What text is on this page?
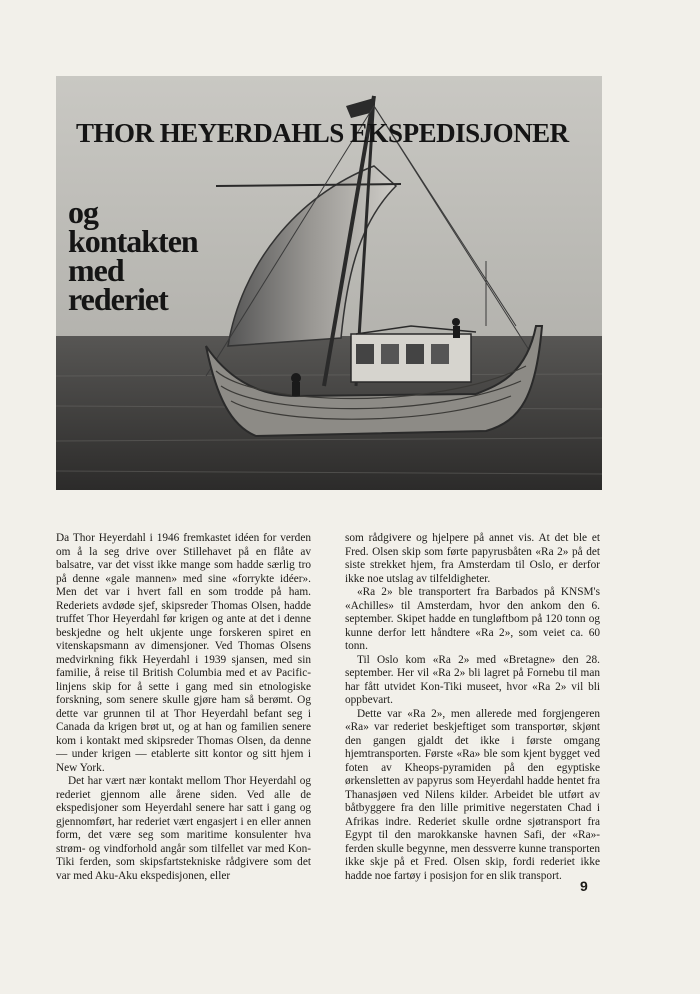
THOR HEYERDAHLS EKSPEDISJONER
og
kontakten
med
rederiet

Da Thor Heyerdahl i 1946 fremkastet idéen for verden om å la seg drive over Stillehavet på en flåte av balsatre, var det visst ikke mange som hadde særlig tro på denne «gale mannen» med sine «forrykte idéer». Men det var i hvert fall en som trodde på ham. Rederiets avdøde sjef, skipsreder Thomas Olsen, hadde truffet Thor Heyerdahl før krigen og ante at det i denne beskjedne og helt ukjente unge forskeren spiret en vitenskapsmann av dimensjoner. Ved Thomas Olsens medvirkning fikk Heyerdahl i 1939 sjansen, med sin familie, å reise til British Columbia med et av Pacific-linjens skip for å sette i gang med sin etnologiske forskning, som senere skulle gjøre ham så berømt. Og dette var grunnen til at Thor Heyerdahl befant seg i Canada da krigen brøt ut, og at han og familien senere kom i kontakt med skipsreder Thomas Olsen, da denne — under krigen — etablerte sitt kontor og sitt hjem i New York.

Det har vært nær kontakt mellom Thor Heyerdahl og rederiet gjennom alle årene siden. Ved alle de ekspedisjoner som Heyerdahl senere har satt i gang og gjennomført, har rederiet vært engasjert i en eller annen form, det være seg som maritime konsulenter hva strøm- og vindforhold angår som tilfellet var med Kon-Tiki ferden, som skipsfartstekniske rådgivere som det var med Aku-Aku ekspedisjonen, eller

som rådgivere og hjelpere på annet vis. At det ble et Fred. Olsen skip som førte papyrusbåten «Ra 2» på det siste strekket hjem, fra Amsterdam til Oslo, er derfor ikke noe utslag av tilfeldigheter.

«Ra 2» ble transportert fra Barbados på KNSM's «Achilles» til Amsterdam, hvor den ankom den 6. september. Skipet hadde en tungløftbom på 120 tonn og kunne derfor lett håndtere «Ra 2», som veiet ca. 60 tonn.

Til Oslo kom «Ra 2» med «Bretagne» den 28. september. Her vil «Ra 2» bli lagret på Fornebu til man har fått utvidet Kon-Tiki museet, hvor «Ra 2» vil bli oppbevart.

Dette var «Ra 2», men allerede med forgjengeren «Ra» var rederiet beskjeftiget som transportør, skjønt den gangen gjaldt det ikke i første omgang hjemtransporten. Første «Ra» ble som kjent bygget ved foten av Kheops-pyramiden på den egyptiske ørkensletten av papyrus som Heyerdahl hadde hentet fra Thanasjøen ved Nilens kilder. Arbeidet ble utført av båtbyggere fra den lille primitive negerstaten Chad i Afrikas indre. Rederiet skulle ordne sjøtransport fra Egypt til den marokkanske havnen Safi, der «Ra»-ferden skulle begynne, men dessverre kunne transporten ikke skje på et Fred. Olsen skip, fordi rederiet ikke hadde noe fartøy i posisjon for en slik transport.

9
